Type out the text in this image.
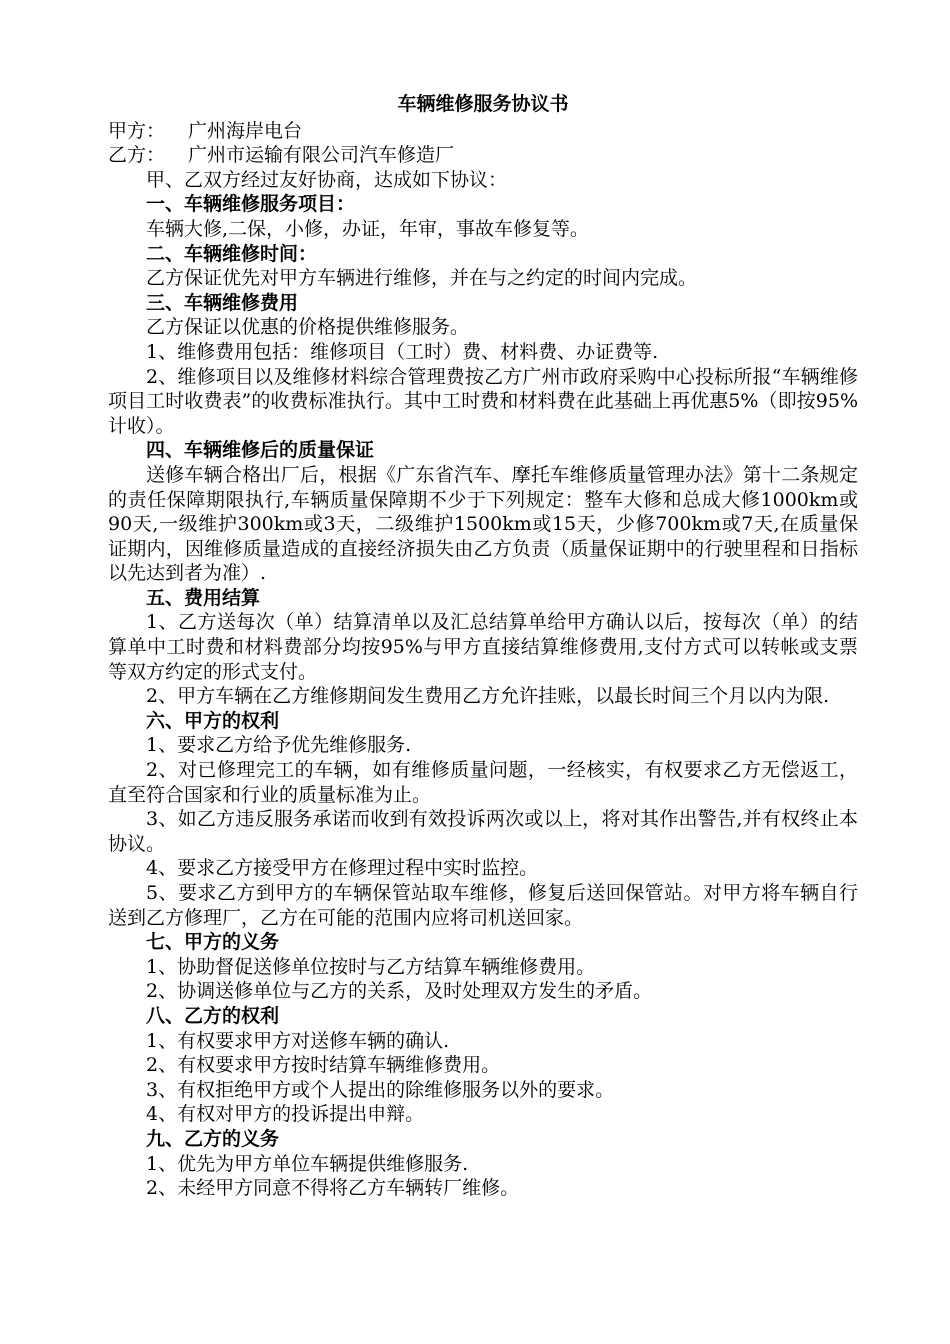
车辆维修服务协议书
甲方： 广州海岸电台
乙方： 广州市运输有限公司汽车修造厂
甲、乙双方经过友好协商，达成如下协议：
一、车辆维修服务项目：
车辆大修,二保，小修，办证，年审，事故车修复等。
二、车辆维修时间：
乙方保证优先对甲方车辆进行维修，并在与之约定的时间内完成。
三、车辆维修费用
乙方保证以优惠的价格提供维修服务。
1、维修费用包括：维修项目（工时）费、材料费、办证费等.
2、维修项目以及维修材料综合管理费按乙方广州市政府采购中心投标所报“车辆维修项目工时收费表”的收费标准执行。其中工时费和材料费在此基础上再优惠5%（即按95%计收）。
四、车辆维修后的质量保证
送修车辆合格出厂后，根据《广东省汽车、摩托车维修质量管理办法》第十二条规定的责任保障期限执行,车辆质量保障期不少于下列规定：整车大修和总成大修1000km或90天,一级维护300km或3天，二级维护1500km或15天，少修700km或7天,在质量保证期内，因维修质量造成的直接经济损失由乙方负责（质量保证期中的行驶里程和日指标以先达到者为准）.
五、费用结算
1、乙方送每次（单）结算清单以及汇总结算单给甲方确认以后，按每次（单）的结算单中工时费和材料费部分均按95%与甲方直接结算维修费用,支付方式可以转帐或支票等双方约定的形式支付。
2、甲方车辆在乙方维修期间发生费用乙方允许挂账，以最长时间三个月以内为限.
六、甲方的权利
1、要求乙方给予优先维修服务.
2、对已修理完工的车辆，如有维修质量问题，一经核实，有权要求乙方无偿返工，直至符合国家和行业的质量标准为止。
3、如乙方违反服务承诺而收到有效投诉两次或以上，将对其作出警告,并有权终止本协议。
4、要求乙方接受甲方在修理过程中实时监控。
5、要求乙方到甲方的车辆保管站取车维修，修复后送回保管站。对甲方将车辆自行送到乙方修理厂，乙方在可能的范围内应将司机送回家。
七、甲方的义务
1、协助督促送修单位按时与乙方结算车辆维修费用。
2、协调送修单位与乙方的关系，及时处理双方发生的矛盾。
八、乙方的权利
1、有权要求甲方对送修车辆的确认.
2、有权要求甲方按时结算车辆维修费用。
3、有权拒绝甲方或个人提出的除维修服务以外的要求。
4、有权对甲方的投诉提出申辩。
九、乙方的义务
1、优先为甲方单位车辆提供维修服务.
2、未经甲方同意不得将乙方车辆转厂维修。
